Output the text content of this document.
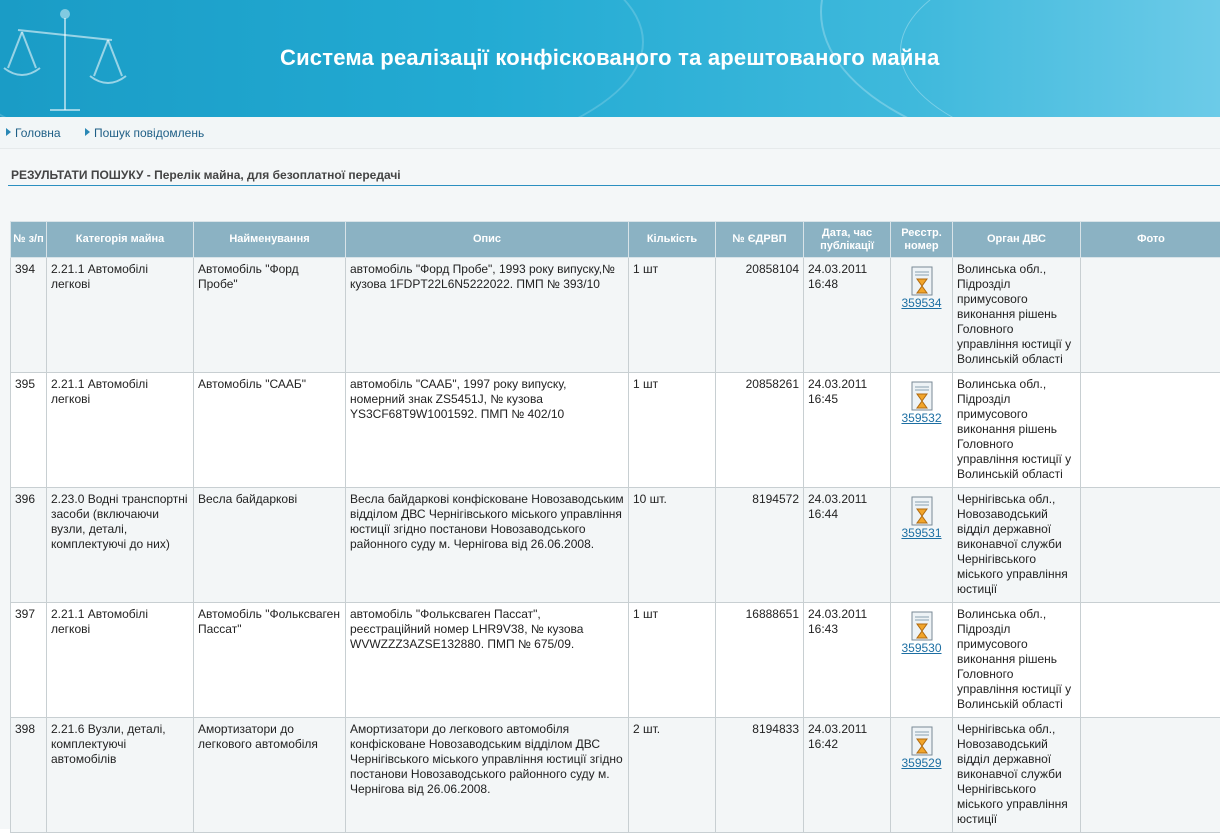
Система реалізації конфіскованого та арештованого майна
Головна	Пошук повідомлень
РЕЗУЛЬТАТИ ПОШУКУ - Перелік майна, для безоплатної передачі
№ з/п	Категорія майна	Найменування	Опис	Кількість	№ ЄДРВП	Дата, час публікації	Реєстр. номер	Орган ДВС	Фото
394	2.21.1 Автомобілі легкові	Автомобіль "Форд Пробе"	автомобіль "Форд Пробе", 1993 року випуску,№ кузова 1FDPT22L6N5222022. ПМП № 393/10	1 шт	20858104	24.03.2011 16:48	359534	Волинська обл., Підрозділ примусового виконання рішень Головного управління юстиції у Волинській області	
395	2.21.1 Автомобілі легкові	Автомобіль "СААБ"	автомобіль "СААБ", 1997 року випуску, номерний знак ZS5451J, № кузова YS3CF68T9W1001592. ПМП № 402/10	1 шт	20858261	24.03.2011 16:45	359532	Волинська обл., Підрозділ примусового виконання рішень Головного управління юстиції у Волинській області	
396	2.23.0 Водні транспортні засоби (включаючи вузли, деталі, комплектуючі до них)	Весла байдаркові	Весла байдаркові конфісковане Новозаводським відділом ДВС Чернігівського міського управління юстиції згідно постанови Новозаводського районного суду м. Чернігова від 26.06.2008.	10 шт.	8194572	24.03.2011 16:44	359531	Чернігівська обл., Новозаводський відділ державної виконавчої служби Чернігівського міського управління юстиції	
397	2.21.1 Автомобілі легкові	Автомобіль "Фольксваген Пассат"	автомобіль "Фольксваген Пассат", реєстраційний номер LHR9V38, № кузова WVWZZZ3AZSE132880. ПМП № 675/09.	1 шт	16888651	24.03.2011 16:43	359530	Волинська обл., Підрозділ примусового виконання рішень Головного управління юстиції у Волинській області	
398	2.21.6 Вузли, деталі, комплектуючі автомобілів	Амортизатори до легкового автомобіля	Амортизатори до легкового автомобіля конфісковане Новозаводським відділом ДВС Чернігівського міського управління юстиції згідно постанови Новозаводського районного суду м. Чернігова від 26.06.2008.	2 шт.	8194833	24.03.2011 16:42	359529	Чернігівська обл., Новозаводський відділ державної виконавчої служби Чернігівського міського управління юстиції	
